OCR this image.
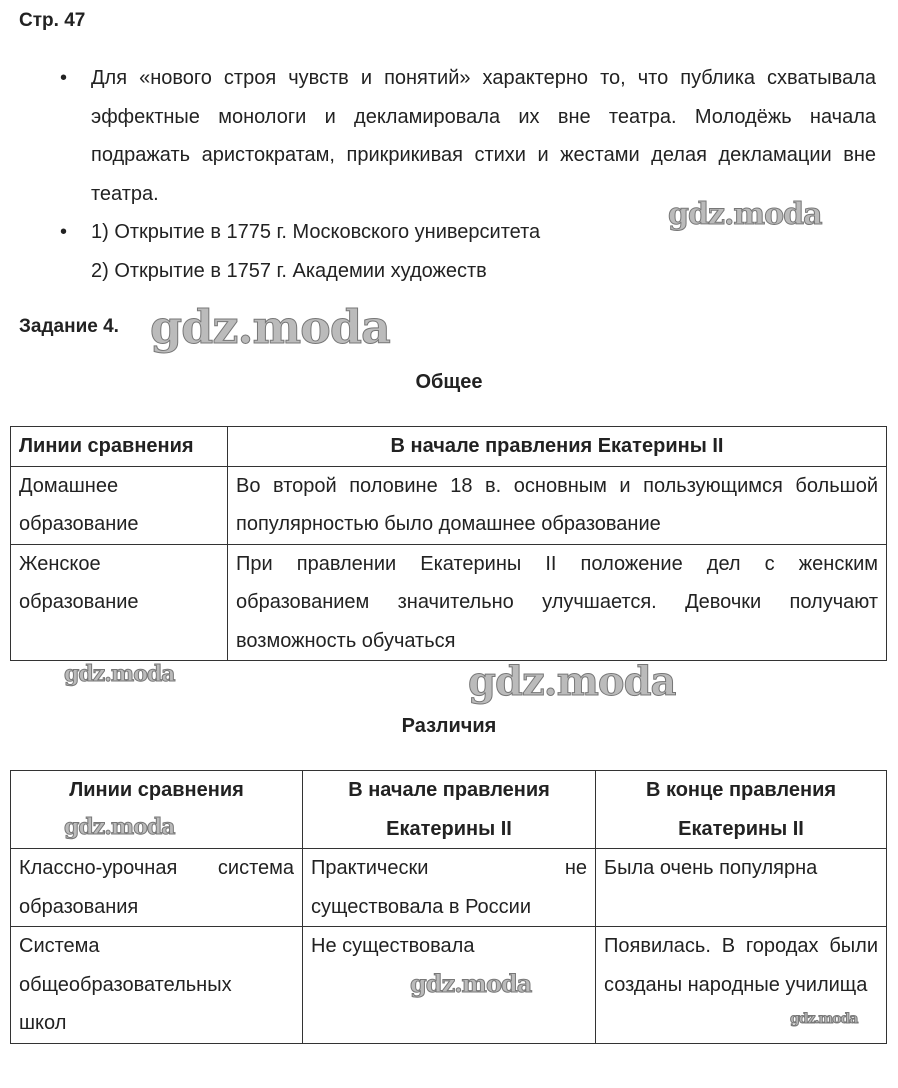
Стр. 47
• Для «нового строя чувств и понятий» характерно то, что публика схватывала эффектные монологи и декламировала их вне театра. Молодёжь начала подражать аристократам, прикрикивая стихи и жестами делая декламации вне театра.
• 1) Открытие в 1775 г. Московского университета
2) Открытие в 1757 г. Академии художеств
Задание 4.
Общее
Линии сравнения	В начале правления Екатерины II
Домашнее образование	Во второй половине 18 в. основным и пользующимся большой популярностью было домашнее образование
Женское образование	При правлении Екатерины II положение дел с женским образованием значительно улучшается. Девочки получают возможность обучаться
Различия
Линии сравнения	В начале правления Екатерины II	В конце правления Екатерины II
Классно-урочная система образования	Практически не существовала в России	Была очень популярна
Система общеобразовательных школ	Не существовала	Появилась. В городах были созданы народные училища
gdz.moda
gdz.moda
gdz.moda	gdz.moda
gdz.moda
gdz.moda
gdz.moda
